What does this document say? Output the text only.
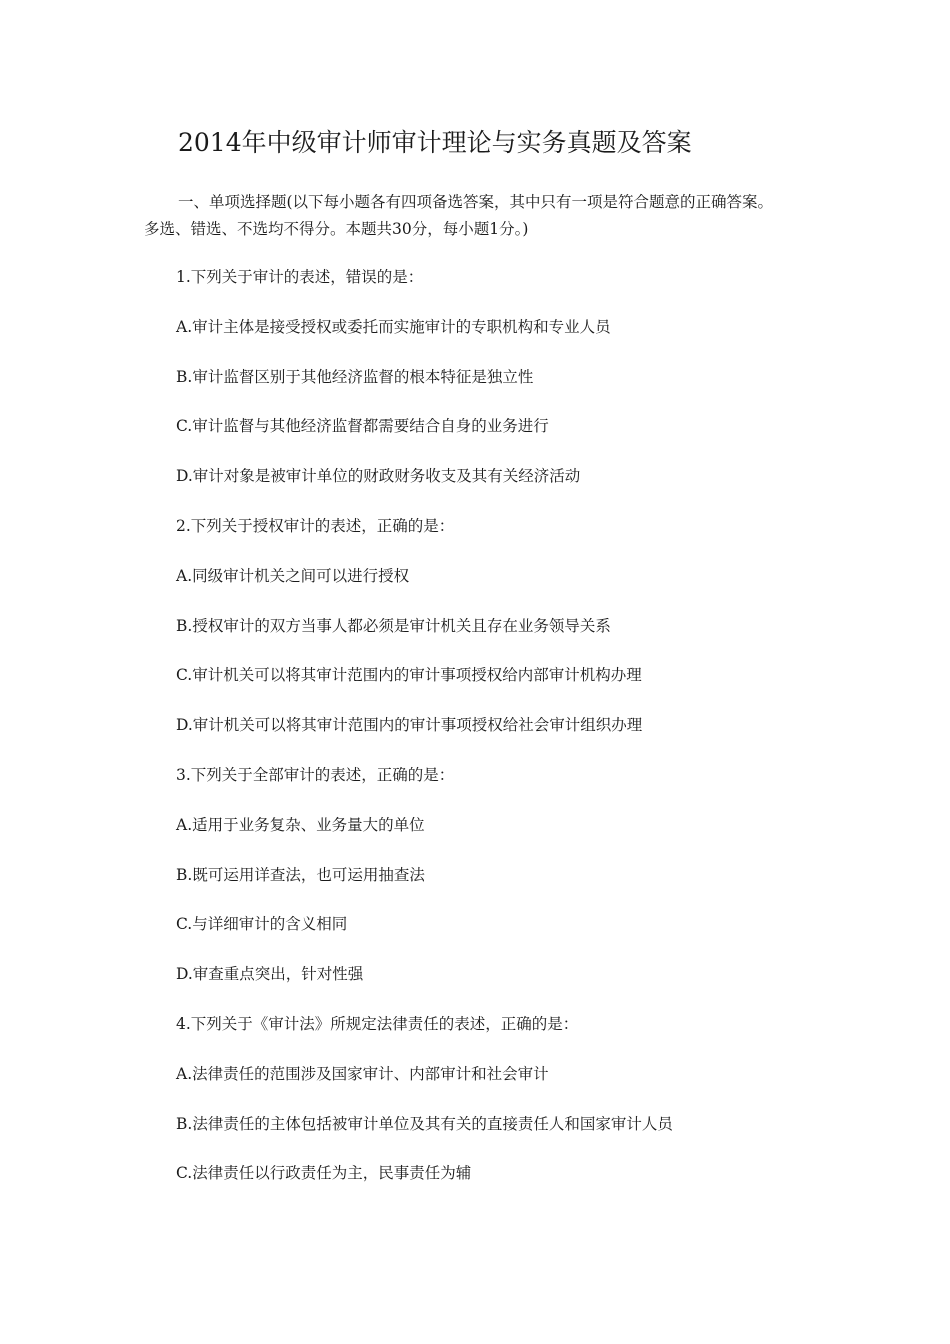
2014年中级审计师审计理论与实务真题及答案
一、单项选择题(以下每小题各有四项备选答案，其中只有一项是符合题意的正确答案。
多选、错选、不选均不得分。本题共30分，每小题1分。)
1.下列关于审计的表述，错误的是：
A.审计主体是接受授权或委托而实施审计的专职机构和专业人员
B.审计监督区别于其他经济监督的根本特征是独立性
C.审计监督与其他经济监督都需要结合自身的业务进行
D.审计对象是被审计单位的财政财务收支及其有关经济活动
2.下列关于授权审计的表述，正确的是：
A.同级审计机关之间可以进行授权
B.授权审计的双方当事人都必须是审计机关且存在业务领导关系
C.审计机关可以将其审计范围内的审计事项授权给内部审计机构办理
D.审计机关可以将其审计范围内的审计事项授权给社会审计组织办理
3.下列关于全部审计的表述，正确的是：
A.适用于业务复杂、业务量大的单位
B.既可运用详查法，也可运用抽查法
C.与详细审计的含义相同
D.审查重点突出，针对性强
4.下列关于《审计法》所规定法律责任的表述，正确的是：
A.法律责任的范围涉及国家审计、内部审计和社会审计
B.法律责任的主体包括被审计单位及其有关的直接责任人和国家审计人员
C.法律责任以行政责任为主，民事责任为辅
